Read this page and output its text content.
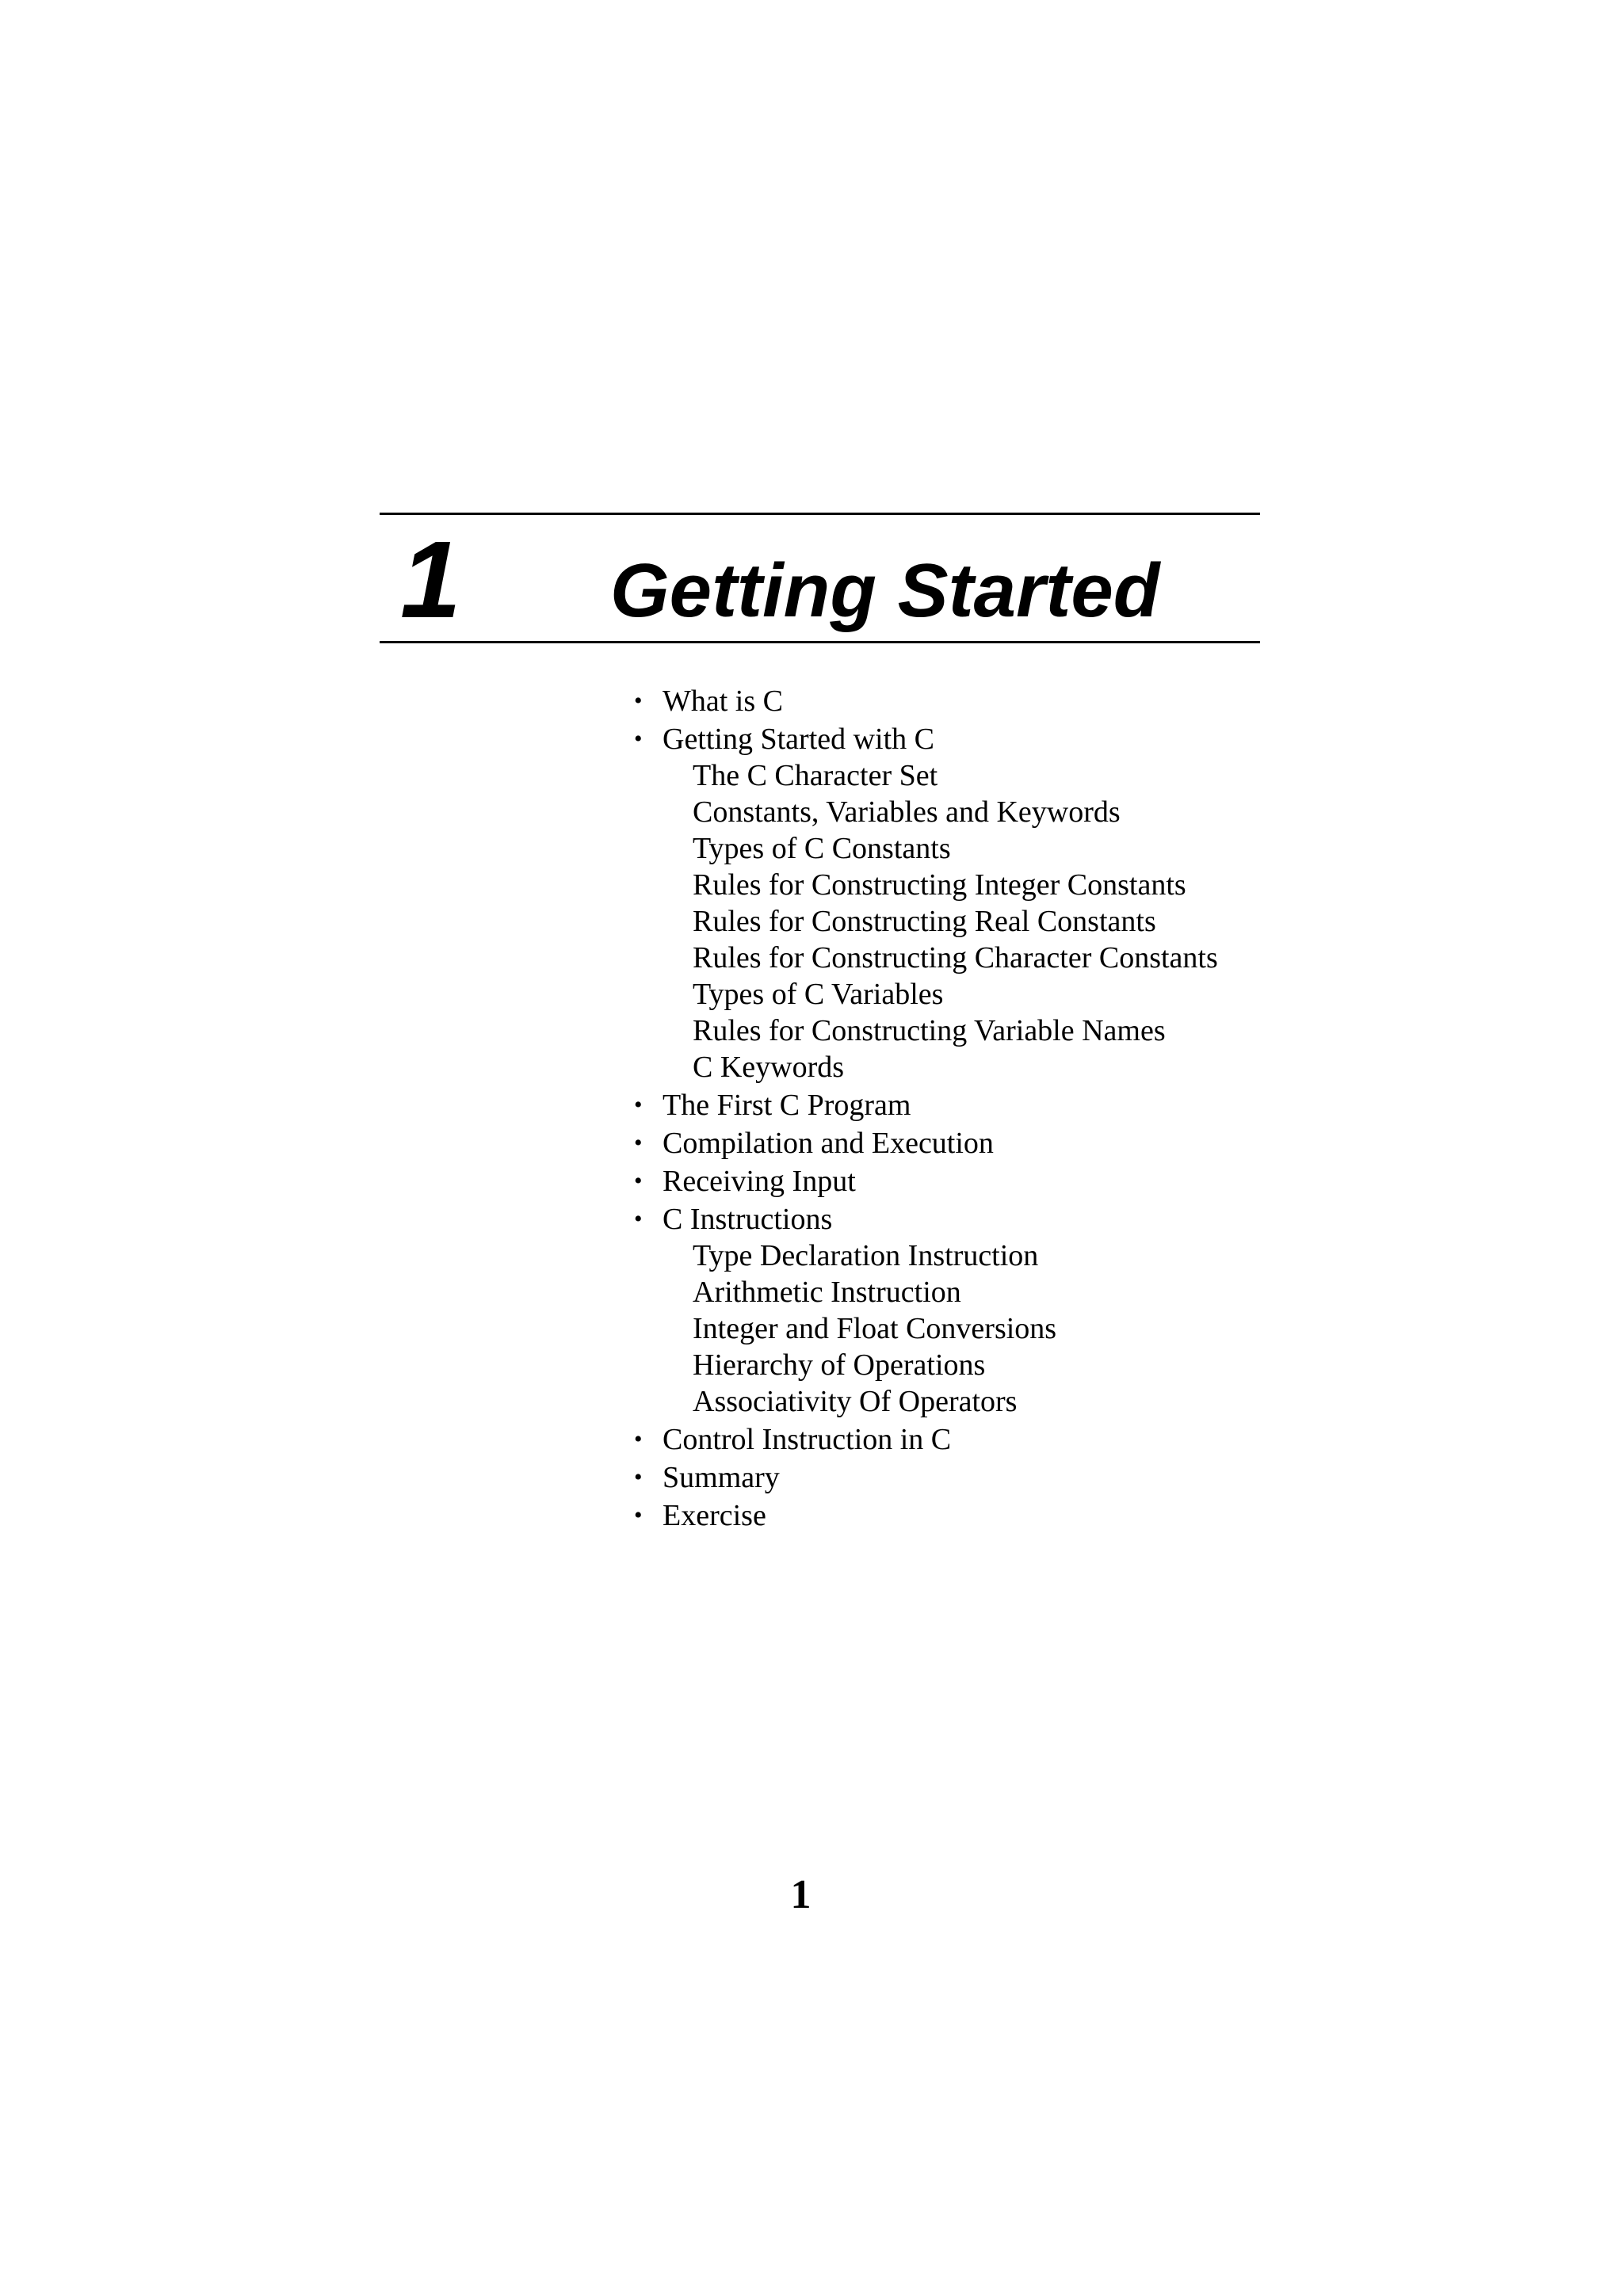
1 Getting Started
• What is C
• Getting Started with C
The C Character Set
Constants, Variables and Keywords
Types of C Constants
Rules for Constructing Integer Constants
Rules for Constructing Real Constants
Rules for Constructing Character Constants
Types of C Variables
Rules for Constructing Variable Names
C Keywords
• The First C Program
• Compilation and Execution
• Receiving Input
• C Instructions
Type Declaration Instruction
Arithmetic Instruction
Integer and Float Conversions
Hierarchy of Operations
Associativity Of Operators
• Control Instruction in C
• Summary
• Exercise
1
